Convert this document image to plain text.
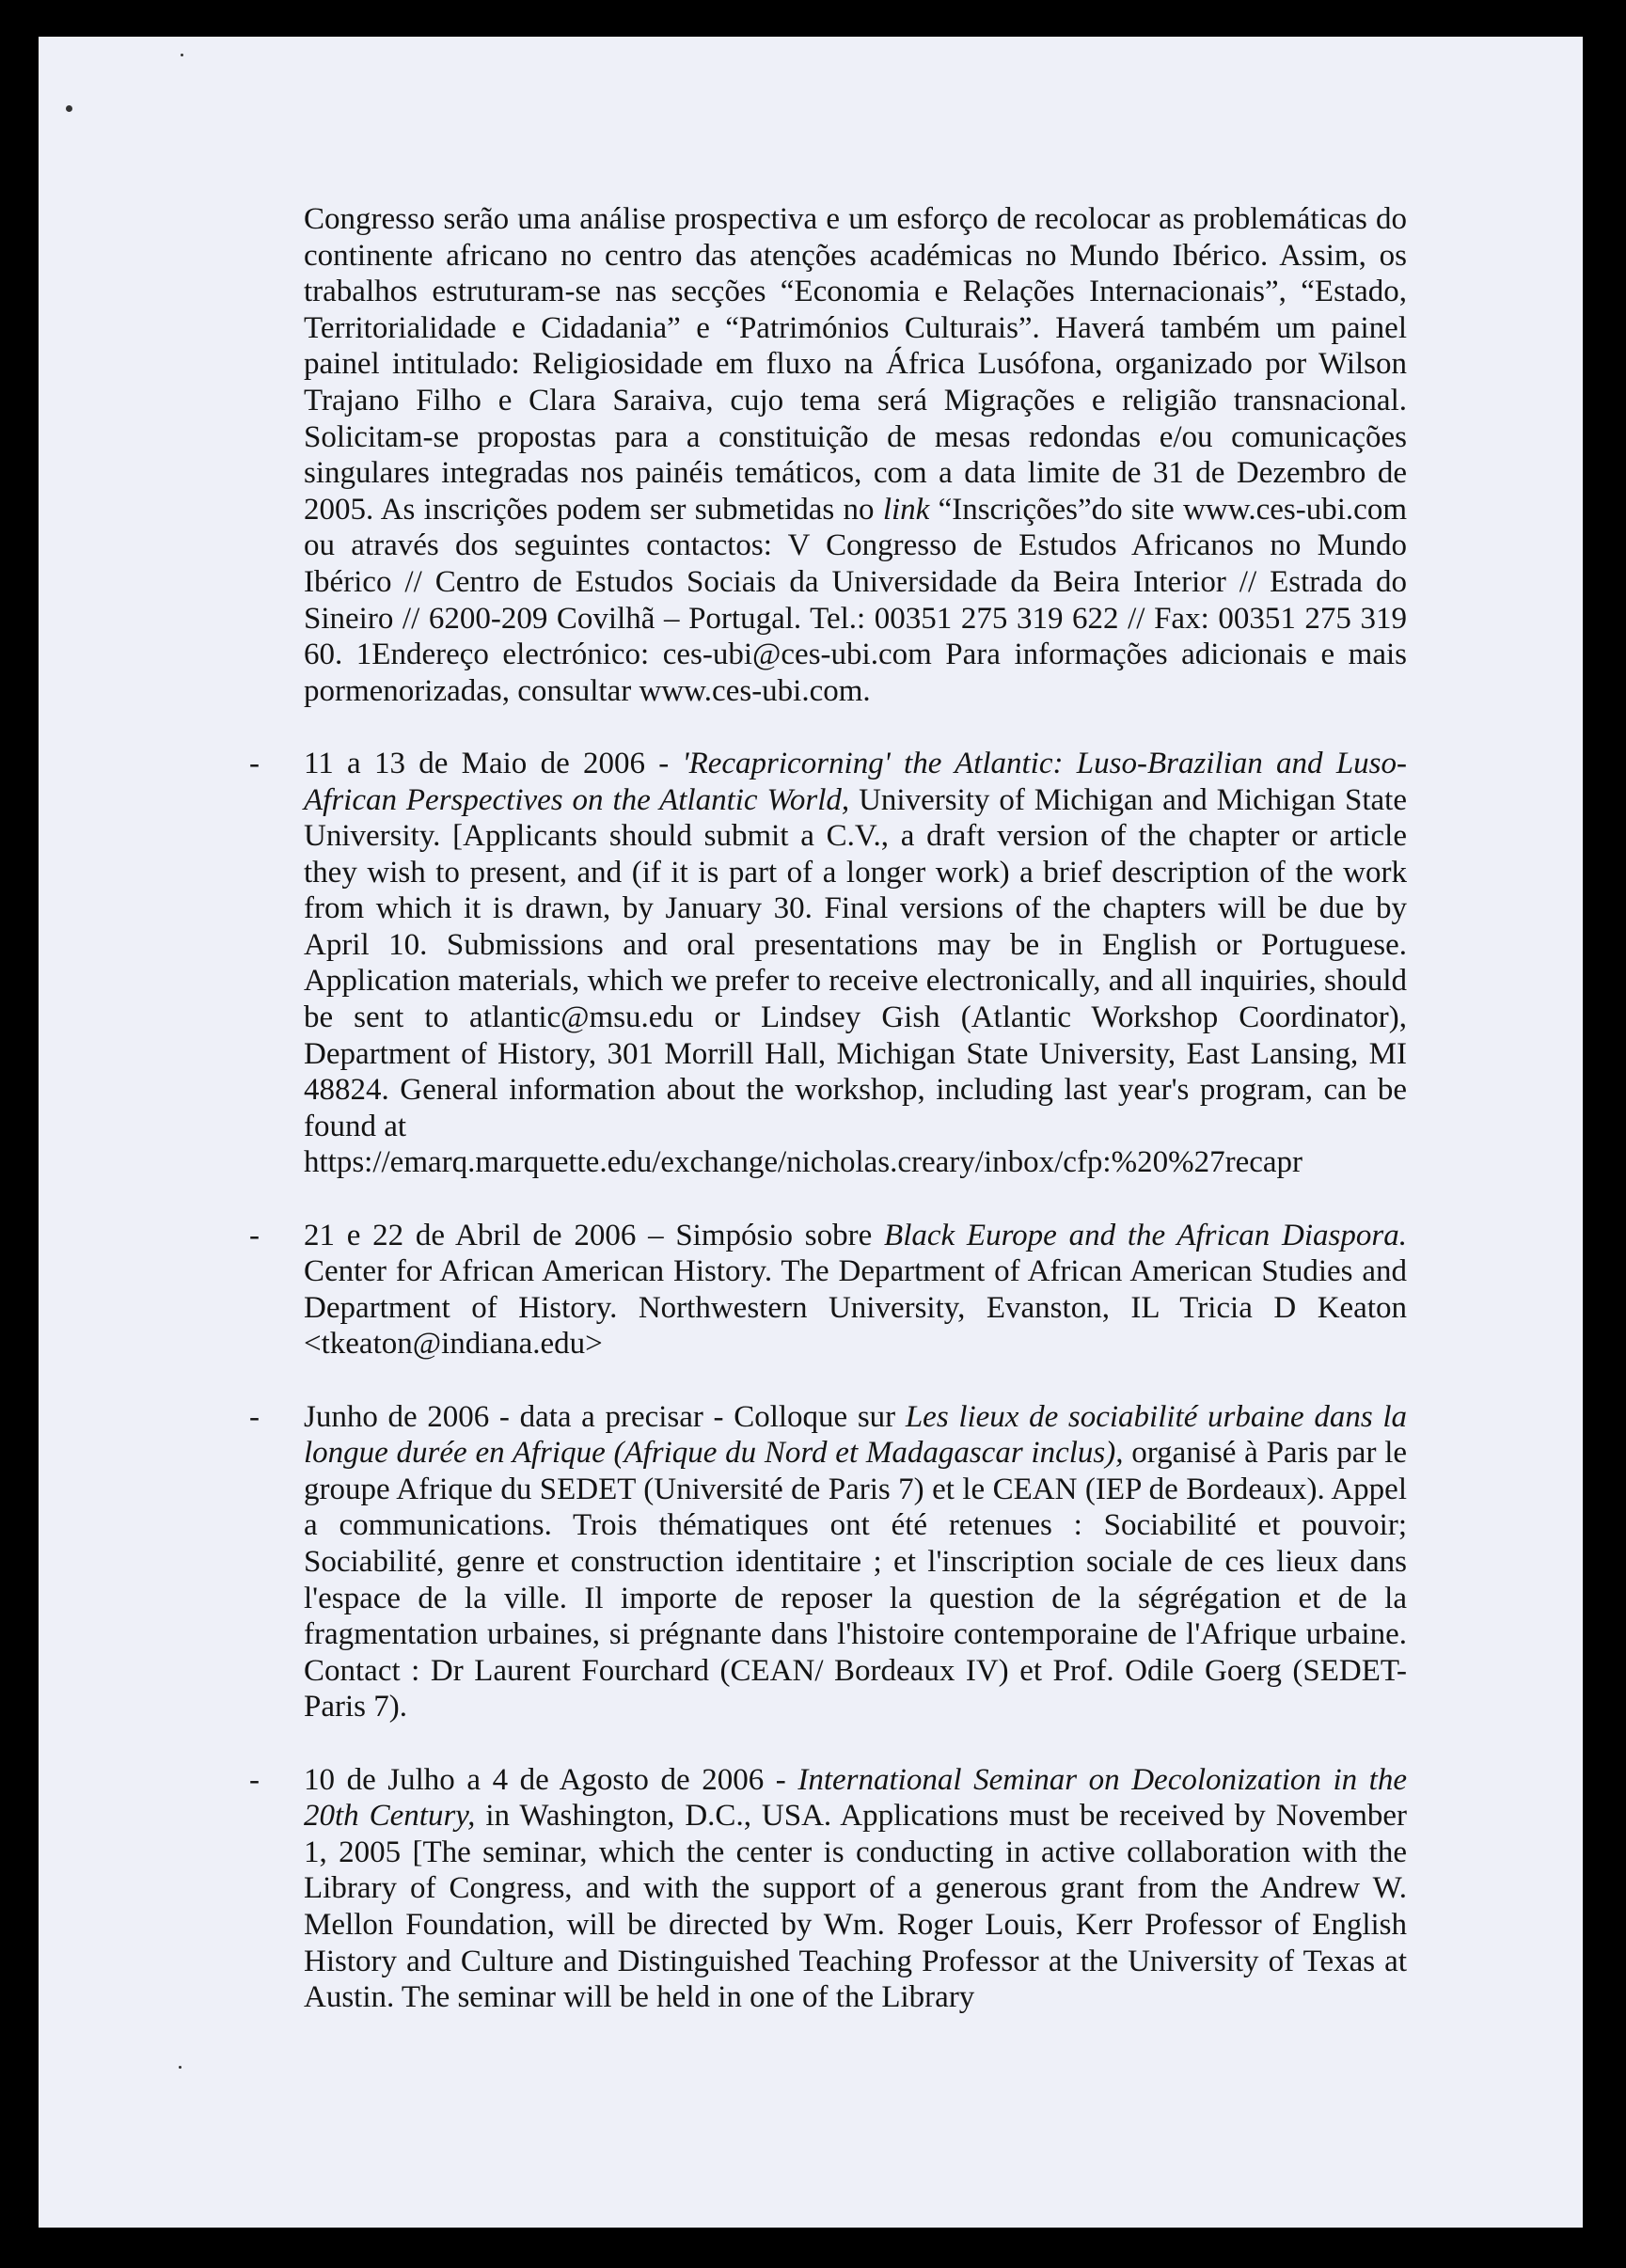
Congresso serão uma análise prospectiva e um esforço de recolocar as problemáticas do continente africano no centro das atenções académicas no Mundo Ibérico. Assim, os trabalhos estruturam-se nas secções “Economia e Relações Internacionais”, “Estado, Territorialidade e Cidadania” e “Patrimónios Culturais”. Haverá também um painel painel intitulado: Religiosidade em fluxo na África Lusófona, organizado por Wilson Trajano Filho e Clara Saraiva, cujo tema será Migrações e religião transnacional. Solicitam-se propostas para a constituição de mesas redondas e/ou comunicações singulares integradas nos painéis temáticos, com a data limite de 31 de Dezembro de 2005. As inscrições podem ser submetidas no link “Inscrições”do site www.ces-ubi.com ou através dos seguintes contactos: V Congresso de Estudos Africanos no Mundo Ibérico // Centro de Estudos Sociais da Universidade da Beira Interior // Estrada do Sineiro // 6200-209 Covilhã – Portugal. Tel.: 00351 275 319 622 // Fax: 00351 275 319 60. 1Endereço electrónico: ces-ubi@ces-ubi.com Para informações adicionais e mais pormenorizadas, consultar www.ces-ubi.com.

- 11 a 13 de Maio de 2006 - 'Recapricorning' the Atlantic: Luso-Brazilian and Luso-African Perspectives on the Atlantic World, University of Michigan and Michigan State University. [Applicants should submit a C.V., a draft version of the chapter or article they wish to present, and (if it is part of a longer work) a brief description of the work from which it is drawn, by January 30. Final versions of the chapters will be due by April 10. Submissions and oral presentations may be in English or Portuguese. Application materials, which we prefer to receive electronically, and all inquiries, should be sent to atlantic@msu.edu or Lindsey Gish (Atlantic Workshop Coordinator), Department of History, 301 Morrill Hall, Michigan State University, East Lansing, MI 48824. General information about the workshop, including last year's program, can be found at
https://emarq.marquette.edu/exchange/nicholas.creary/inbox/cfp:%20%27recapr

- 21 e 22 de Abril de 2006 – Simpósio sobre Black Europe and the African Diaspora. Center for African American History. The Department of African American Studies and Department of History. Northwestern University, Evanston, IL Tricia D Keaton <tkeaton@indiana.edu>

- Junho de 2006 - data a precisar - Colloque sur Les lieux de sociabilité urbaine dans la longue durée en Afrique (Afrique du Nord et Madagascar inclus), organisé à Paris par le groupe Afrique du SEDET (Université de Paris 7) et le CEAN (IEP de Bordeaux). Appel a communications. Trois thématiques ont été retenues : Sociabilité et pouvoir; Sociabilité, genre et construction identitaire ; et l'inscription sociale de ces lieux dans l'espace de la ville. Il importe de reposer la question de la ségrégation et de la fragmentation urbaines, si prégnante dans l'histoire contemporaine de l'Afrique urbaine. Contact : Dr Laurent Fourchard (CEAN/ Bordeaux IV) et Prof. Odile Goerg (SEDET-Paris 7).

- 10 de Julho a 4 de Agosto de 2006 - International Seminar on Decolonization in the 20th Century, in Washington, D.C., USA. Applications must be received by November 1, 2005 [The seminar, which the center is conducting in active collaboration with the Library of Congress, and with the support of a generous grant from the Andrew W. Mellon Foundation, will be directed by Wm. Roger Louis, Kerr Professor of English History and Culture and Distinguished Teaching Professor at the University of Texas at Austin. The seminar will be held in one of the Library
